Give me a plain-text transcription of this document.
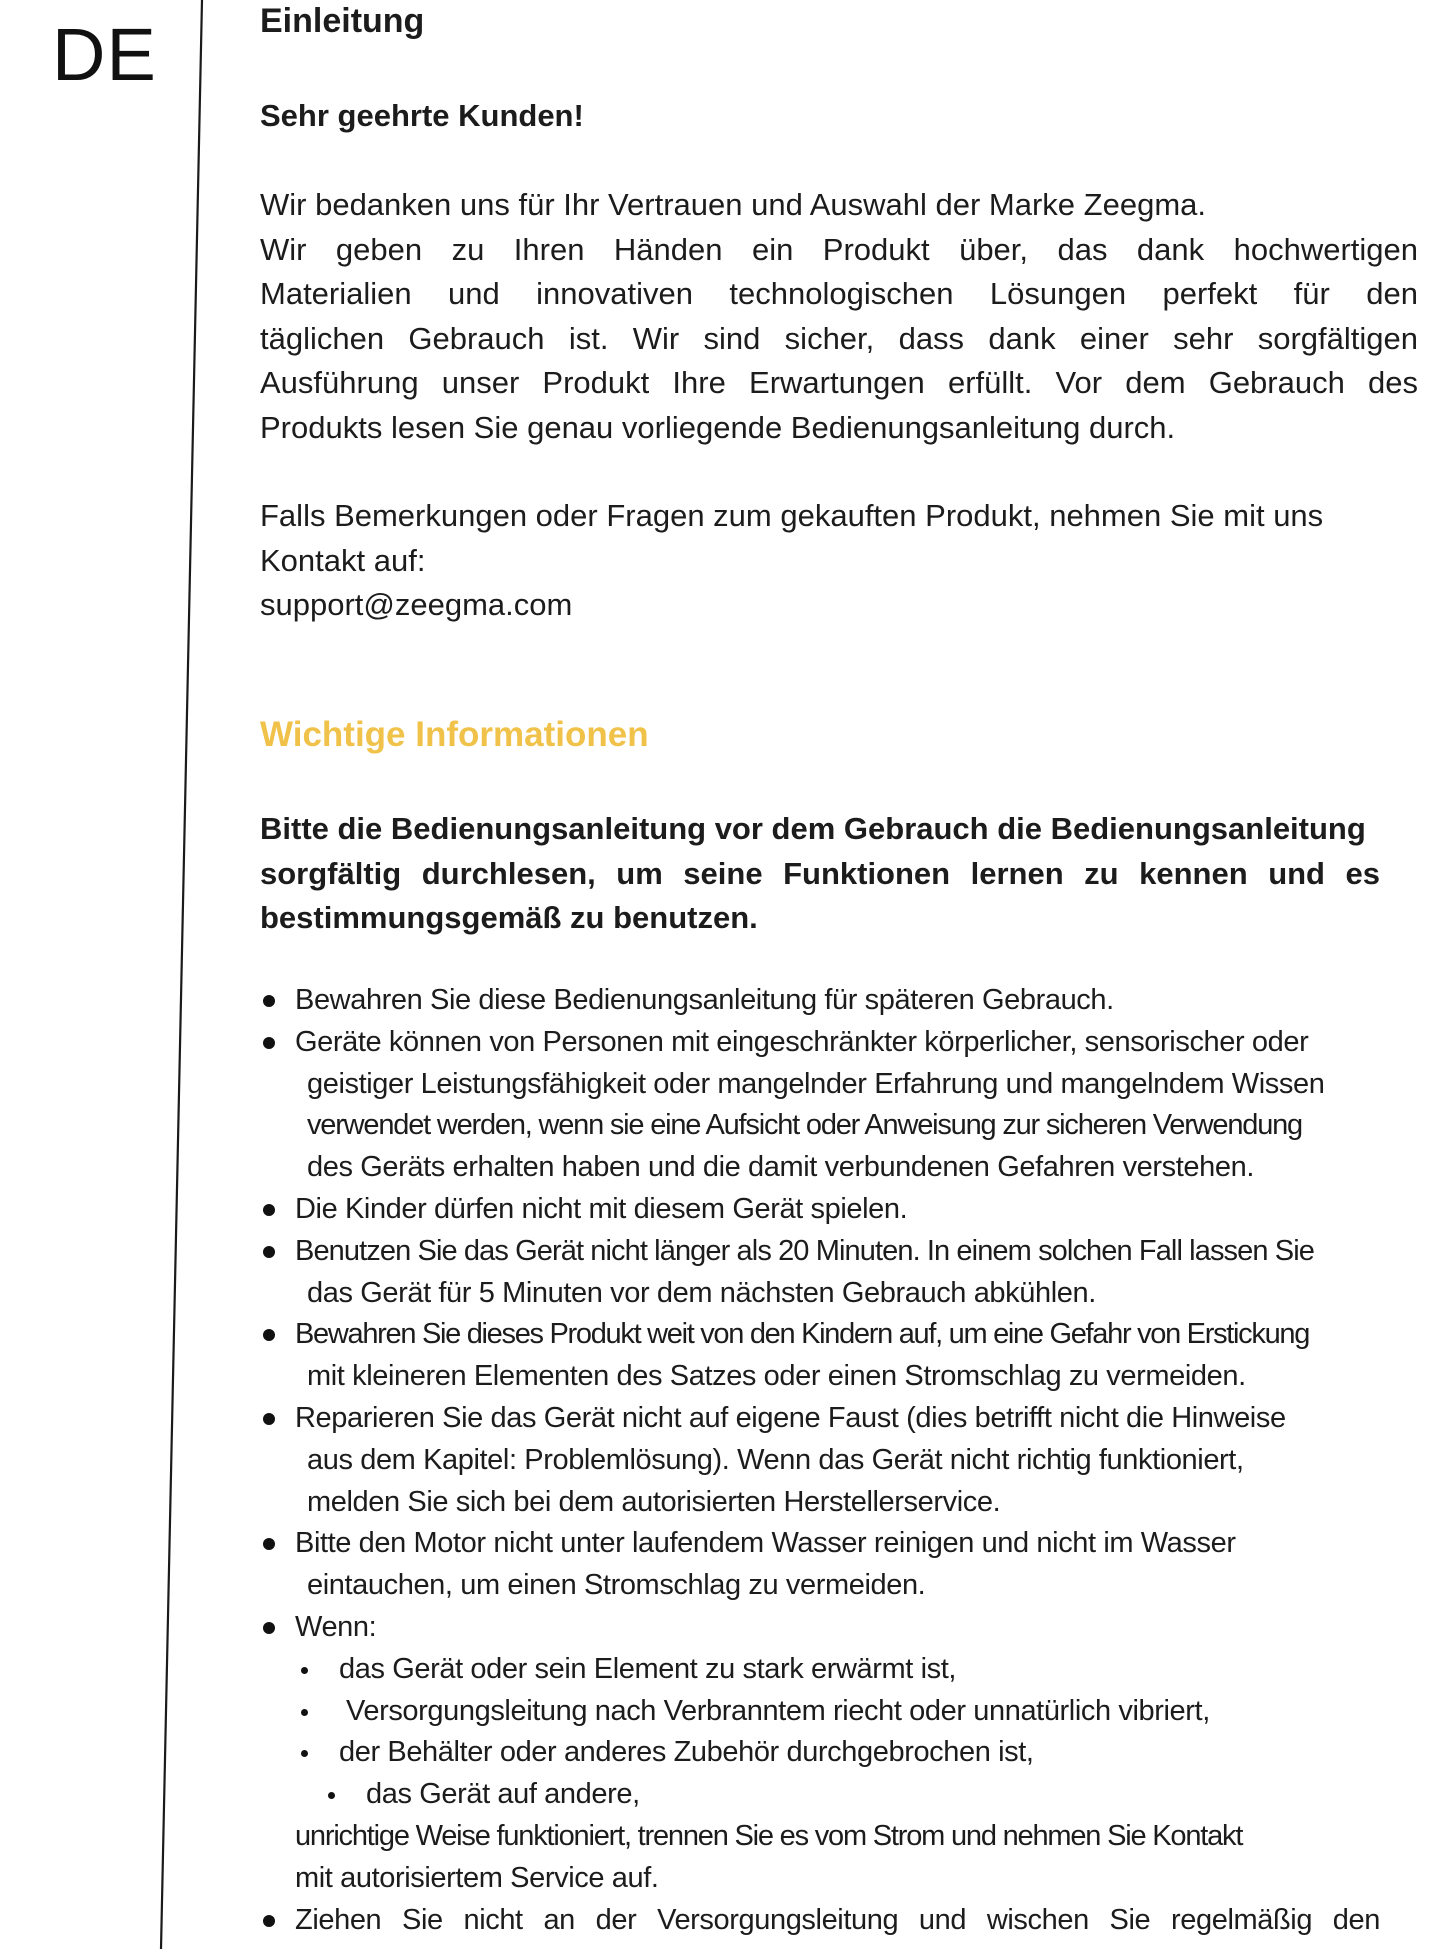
DE	Einleitung
Sehr geehrte Kunden!
Wir bedanken uns für Ihr Vertrauen und Auswahl der Marke Zeegma.
Wir geben zu Ihren Händen ein Produkt über, das dank hochwertigen
Materialien und innovativen technologischen Lösungen perfekt für den
täglichen Gebrauch ist. Wir sind sicher, dass dank einer sehr sorgfältigen
Ausführung unser Produkt Ihre Erwartungen erfüllt. Vor dem Gebrauch des
Produkts lesen Sie genau vorliegende Bedienungsanleitung durch.
Falls Bemerkungen oder Fragen zum gekauften Produkt, nehmen Sie mit uns
Kontakt auf:
support@zeegma.com
Wichtige Informationen
Bitte die Bedienungsanleitung vor dem Gebrauch die Bedienungsanleitung
sorgfältig durchlesen, um seine Funktionen lernen zu kennen und es
bestimmungsgemäß zu benutzen.
Bewahren Sie diese Bedienungsanleitung für späteren Gebrauch.
Geräte können von Personen mit eingeschränkter körperlicher, sensorischer oder
geistiger Leistungsfähigkeit oder mangelnder Erfahrung und mangelndem Wissen
verwendet werden, wenn sie eine Aufsicht oder Anweisung zur sicheren Verwendung
des Geräts erhalten haben und die damit verbundenen Gefahren verstehen.
Die Kinder dürfen nicht mit diesem Gerät spielen.
Benutzen Sie das Gerät nicht länger als 20 Minuten. In einem solchen Fall lassen Sie
das Gerät für 5 Minuten vor dem nächsten Gebrauch abkühlen.
Bewahren Sie dieses Produkt weit von den Kindern auf, um eine Gefahr von Erstickung
mit kleineren Elementen des Satzes oder einen Stromschlag zu vermeiden.
Reparieren Sie das Gerät nicht auf eigene Faust (dies betrifft nicht die Hinweise
aus dem Kapitel: Problemlösung). Wenn das Gerät nicht richtig funktioniert,
melden Sie sich bei dem autorisierten Herstellerservice.
Bitte den Motor nicht unter laufendem Wasser reinigen und nicht im Wasser
eintauchen, um einen Stromschlag zu vermeiden.
Wenn:
das Gerät oder sein Element zu stark erwärmt ist,
Versorgungsleitung nach Verbranntem riecht oder unnatürlich vibriert,
der Behälter oder anderes Zubehör durchgebrochen ist,
das Gerät auf andere,
unrichtige Weise funktioniert, trennen Sie es vom Strom und nehmen Sie Kontakt
mit autorisiertem Service auf.
Ziehen Sie nicht an der Versorgungsleitung und wischen Sie regelmäßig den
